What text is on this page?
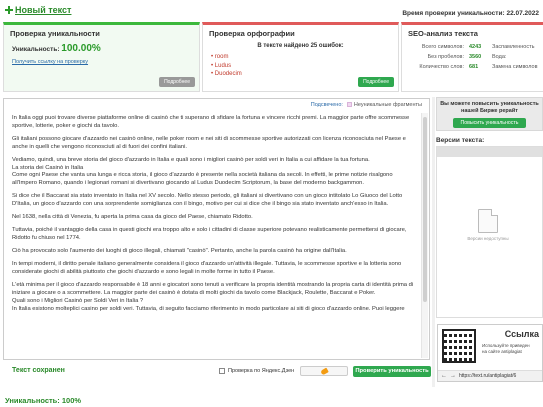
Новый текст	Время проверки уникальности: 22.07.2022
Проверка уникальности
Уникальность: 100.00%
Получить ссылку на проверку
Подробнее
Проверка орфографии
В тексте найдено 25 ошибок:
• room
• Ludus
• Duodecim
Подробнее
SEO-анализ текста
Всего символов: 4243	Заспамленность
Без пробелов: 3560	Вода:
Количество слов: 681	Замена символов
Подсвечено: Неуникальные фрагменты

In Italia oggi puoi trovare diverse piattaforme online di casinò che ti superano di sfidare la fortuna e vincere ricchi premi. La maggior parte offre scommesse sportive, lotterie, poker e giochi da tavolo.

Gli italiani possono giocare d'azzardo nei casinò online, nelle poker room e nei siti di scommesse sportive autorizzati con licenza riconosciuta nel Paese e anche in quelli che vengono riconosciuti al di fuori dei confini italiani.

Vediamo, quindi, una breve storia del gioco d'azzardo in Italia e quali sono i migliori casinò per soldi veri in Italia a cui affidare la tua fortuna.
La storia dei Casinò in Italia
Come ogni Paese che vanta una lunga e ricca storia, il gioco d'azzardo è presente nella società italiana da secoli. In effetti, le prime notizie risalgono all'Impero Romano, quando i legionari romani si divertivano giocando al Ludus Duodecim Scriptorum, la base del moderno backgammon.

Si dice che il Baccarat sia stato inventato in Italia nel XV secolo. Nello stesso periodo, gli italiani si divertivano con un gioco intitolato Lo Giuoco del Lotto D'Italia, un gioco d'azzardo con una sorprendente somiglianza con il bingo, motivo per cui si dice che il bingo sia stato inventato anch'esso in Italia.

Nel 1638, nella città di Venezia, fu aperta la prima casa da gioco del Paese, chiamato Ridotto.

Tuttavia, poiché il vantaggio della casa in questi giochi era troppo alto e solo i cittadini di classe superiore potevano realisticamente permettersi di giocare, Ridotto fu chiuso nel 1774.

Ciò ha provocato solo l'aumento dei luoghi di gioco illegali, chiamati "casinò". Pertanto, anche la parola casinò ha origine dall'Italia.

In tempi moderni, il diritto penale italiano generalmente considera il gioco d'azzardo un'attività illegale. Tuttavia, le scommesse sportive e la lotteria sono considerate giochi di abilità piuttosto che giochi d'azzardo e sono legali in molte forme in tutto il Paese.

L'età minima per il gioco d'azzardo responsabile è 18 anni e giocatori sono tenuti a verificare la propria identità mostrando la propria carta di identità prima di iniziare a giocare o a scommettere. La maggior parte dei casinò è dotata di molti giochi da tavolo come Blackjack, Roulette, Baccarat e Poker.
Quali sono i Migliori Casinò per Soldi Veri in Italia ?
In Italia esistono molteplici casino per soldi veri. Tuttavia, di seguito facciamo riferimento in modo particolare ai siti di gioco d'azzardo online. Puoi leggere

Текст сохранен	Проверка по Яндекс.Дзен	Проверить уникальность
Уникальность: 100%
Вы можете повысить уникальность
нашей Бирже рерайт
Повысить уникальность
Версии текста:
Версии недоступны
Ссылка
Используйте приведен
на сайте antiplagiat
← → https://text.ru/antiplagiat/6
